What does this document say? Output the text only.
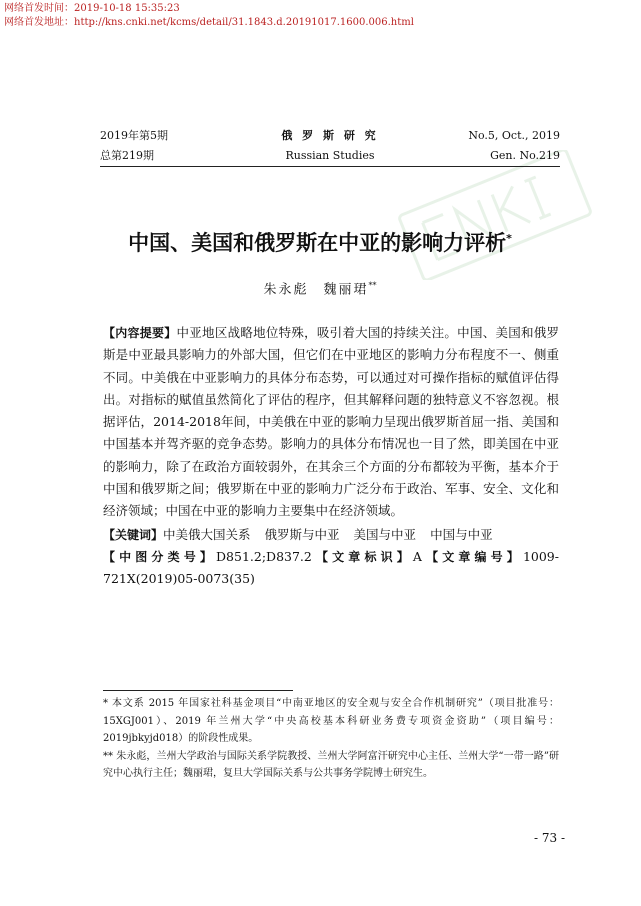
网络首发时间：2019-10-18 15:35:23
网络首发地址：http://kns.cnki.net/kcms/detail/31.1843.d.20191017.1600.006.html
2019年第5期	俄 罗 斯 研 究	No.5, Oct., 2019
总第219期	Russian Studies	Gen. No.219
中国、美国和俄罗斯在中亚的影响力评析*
朱永彪　魏丽珺**
【内容提要】中亚地区战略地位特殊，吸引着大国的持续关注。中国、美国和俄罗斯是中亚最具影响力的外部大国，但它们在中亚地区的影响力分布程度不一、侧重不同。中美俄在中亚影响力的具体分布态势，可以通过对可操作指标的赋值评估得出。对指标的赋值虽然简化了评估的程序，但其解释问题的独特意义不容忽视。根据评估，2014-2018年间，中美俄在中亚的影响力呈现出俄罗斯首屈一指、美国和中国基本并驾齐驱的竞争态势。影响力的具体分布情况也一目了然，即美国在中亚的影响力，除了在政治方面较弱外，在其余三个方面的分布都较为平衡，基本介于中国和俄罗斯之间；俄罗斯在中亚的影响力广泛分布于政治、军事、安全、文化和经济领域；中国在中亚的影响力主要集中在经济领域。
【关键词】中美俄大国关系 俄罗斯与中亚 美国与中亚 中国与中亚
【中图分类号】D851.2;D837.2【文章标识】A【文章编号】1009-721X(2019)05-0073(35)
* 本文系 2015 年国家社科基金项目“中南亚地区的安全观与安全合作机制研究”（项目批准号：15XGJ001）、2019 年兰州大学“中央高校基本科研业务费专项资金资助”（项目编号：2019jbkyjd018）的阶段性成果。
** 朱永彪，兰州大学政治与国际关系学院教授、兰州大学阿富汗研究中心主任、兰州大学“一带一路”研究中心执行主任；魏丽珺，复旦大学国际关系与公共事务学院博士研究生。
- 73 -
